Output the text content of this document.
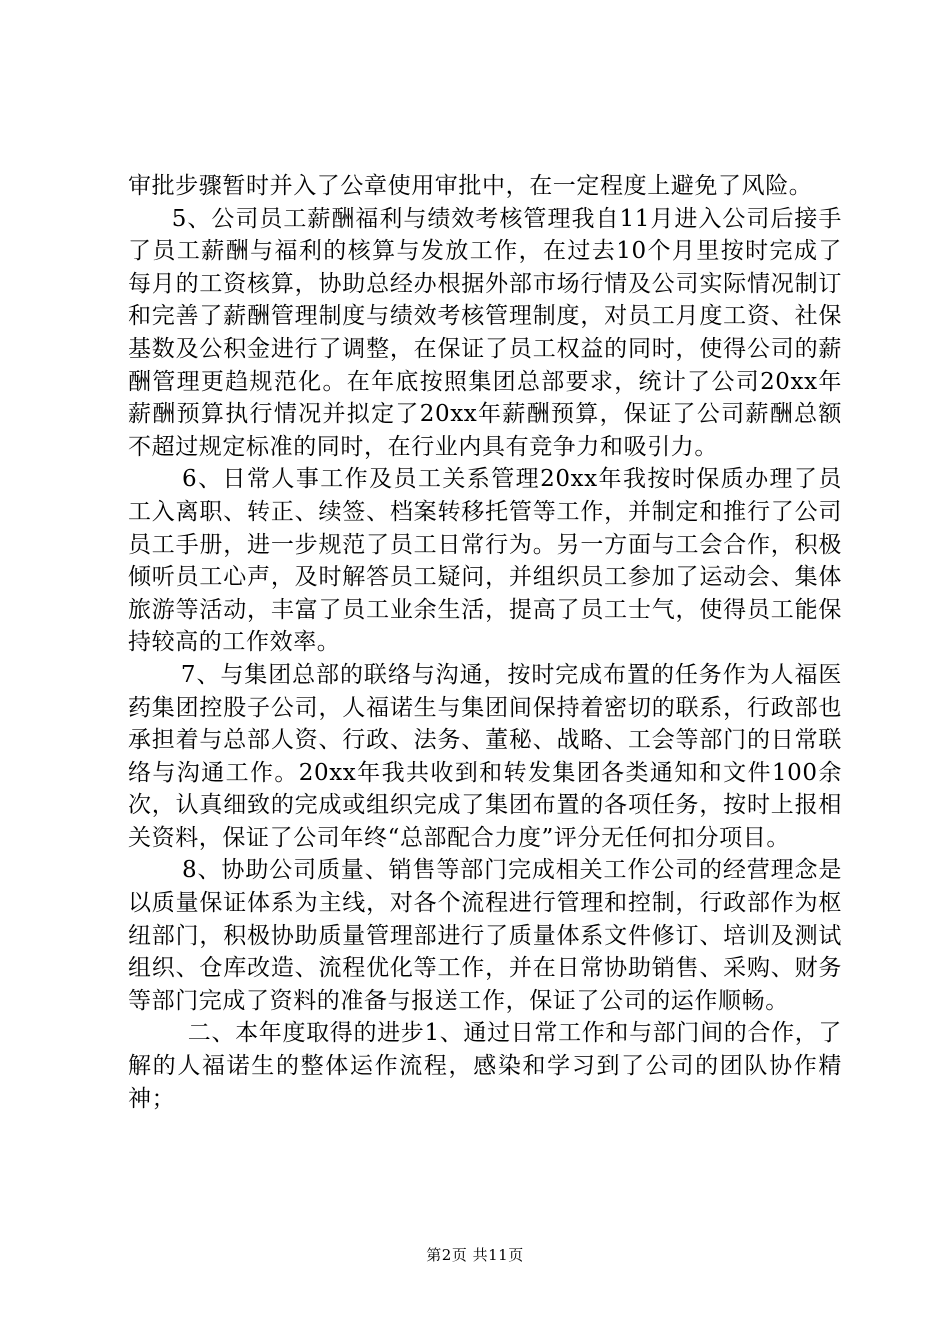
审批步骤暂时并入了公章使用审批中，在一定程度上避免了风险。

5、公司员工薪酬福利与绩效考核管理我自11月进入公司后接手了员工薪酬与福利的核算与发放工作，在过去10个月里按时完成了每月的工资核算，协助总经办根据外部市场行情及公司实际情况制订和完善了薪酬管理制度与绩效考核管理制度，对员工月度工资、社保基数及公积金进行了调整，在保证了员工权益的同时，使得公司的薪酬管理更趋规范化。在年底按照集团总部要求，统计了公司20xx年薪酬预算执行情况并拟定了20xx年薪酬预算，保证了公司薪酬总额不超过规定标准的同时，在行业内具有竞争力和吸引力。

6、日常人事工作及员工关系管理20xx年我按时保质办理了员工入离职、转正、续签、档案转移托管等工作，并制定和推行了公司员工手册，进一步规范了员工日常行为。另一方面与工会合作，积极倾听员工心声，及时解答员工疑问，并组织员工参加了运动会、集体旅游等活动，丰富了员工业余生活，提高了员工士气，使得员工能保持较高的工作效率。

7、与集团总部的联络与沟通，按时完成布置的任务作为人福医药集团控股子公司，人福诺生与集团间保持着密切的联系，行政部也承担着与总部人资、行政、法务、董秘、战略、工会等部门的日常联络与沟通工作。20xx年我共收到和转发集团各类通知和文件100余次，认真细致的完成或组织完成了集团布置的各项任务，按时上报相关资料，保证了公司年终“总部配合力度”评分无任何扣分项目。

8、协助公司质量、销售等部门完成相关工作公司的经营理念是以质量保证体系为主线，对各个流程进行管理和控制，行政部作为枢纽部门，积极协助质量管理部进行了质量体系文件修订、培训及测试组织、仓库改造、流程优化等工作，并在日常协助销售、采购、财务等部门完成了资料的准备与报送工作，保证了公司的运作顺畅。

二、本年度取得的进步1、通过日常工作和与部门间的合作，了解的人福诺生的整体运作流程，感染和学习到了公司的团队协作精神；

第2页 共11页
